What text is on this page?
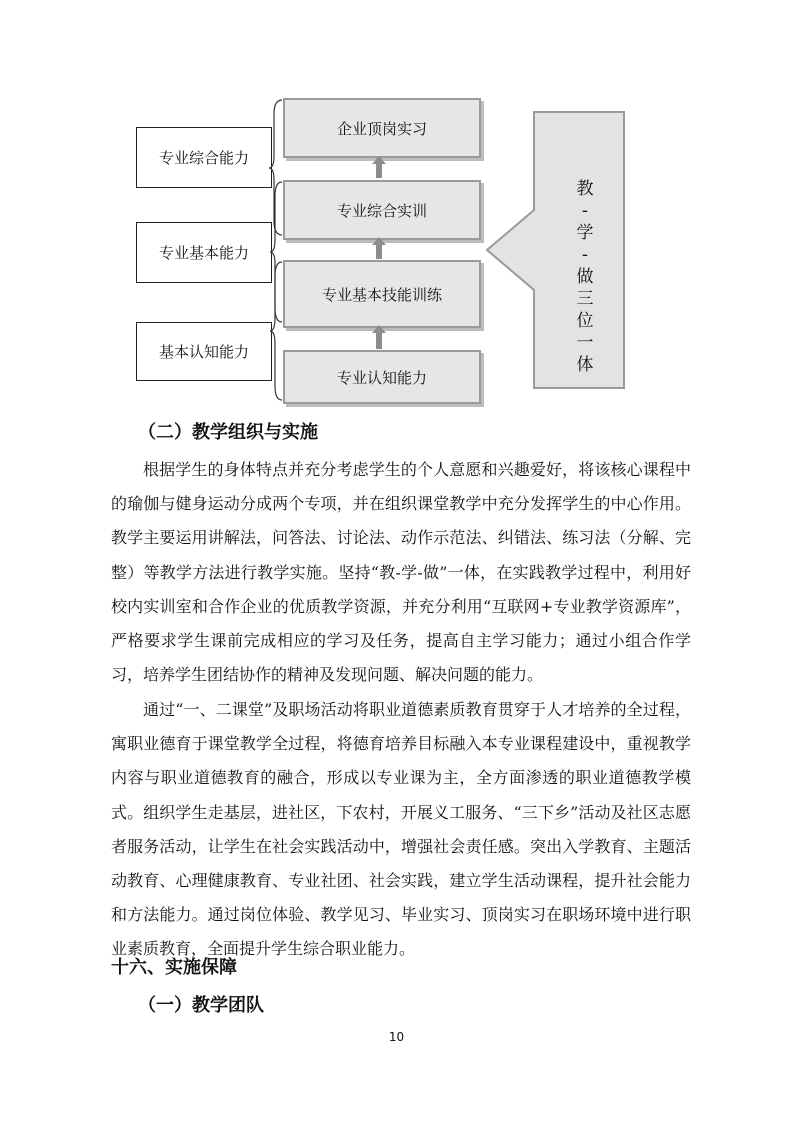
专业综合能力
专业基本能力
基本认知能力
企业顶岗实习
专业综合实训
专业基本技能训练
专业认知能力
教
-
学
-
做
三
位
一
体
（二）教学组织与实施
根据学生的身体特点并充分考虑学生的个人意愿和兴趣爱好，将该核心课程中的瑜伽与健身运动分成两个专项，并在组织课堂教学中充分发挥学生的中心作用。教学主要运用讲解法，问答法、讨论法、动作示范法、纠错法、练习法（分解、完整）等教学方法进行教学实施。坚持“教-学-做”一体，在实践教学过程中，利用好校内实训室和合作企业的优质教学资源，并充分利用“互联网+专业教学资源库”，严格要求学生课前完成相应的学习及任务，提高自主学习能力；通过小组合作学习，培养学生团结协作的精神及发现问题、解决问题的能力。
通过“一、二课堂”及职场活动将职业道德素质教育贯穿于人才培养的全过程，寓职业德育于课堂教学全过程，将德育培养目标融入本专业课程建设中，重视教学内容与职业道德教育的融合，形成以专业课为主，全方面渗透的职业道德教学模式。组织学生走基层，进社区，下农村，开展义工服务、“三下乡”活动及社区志愿者服务活动，让学生在社会实践活动中，增强社会责任感。突出入学教育、主题活动教育、心理健康教育、专业社团、社会实践，建立学生活动课程，提升社会能力和方法能力。通过岗位体验、教学见习、毕业实习、顶岗实习在职场环境中进行职业素质教育，全面提升学生综合职业能力。
十六、实施保障
（一）教学团队
10
